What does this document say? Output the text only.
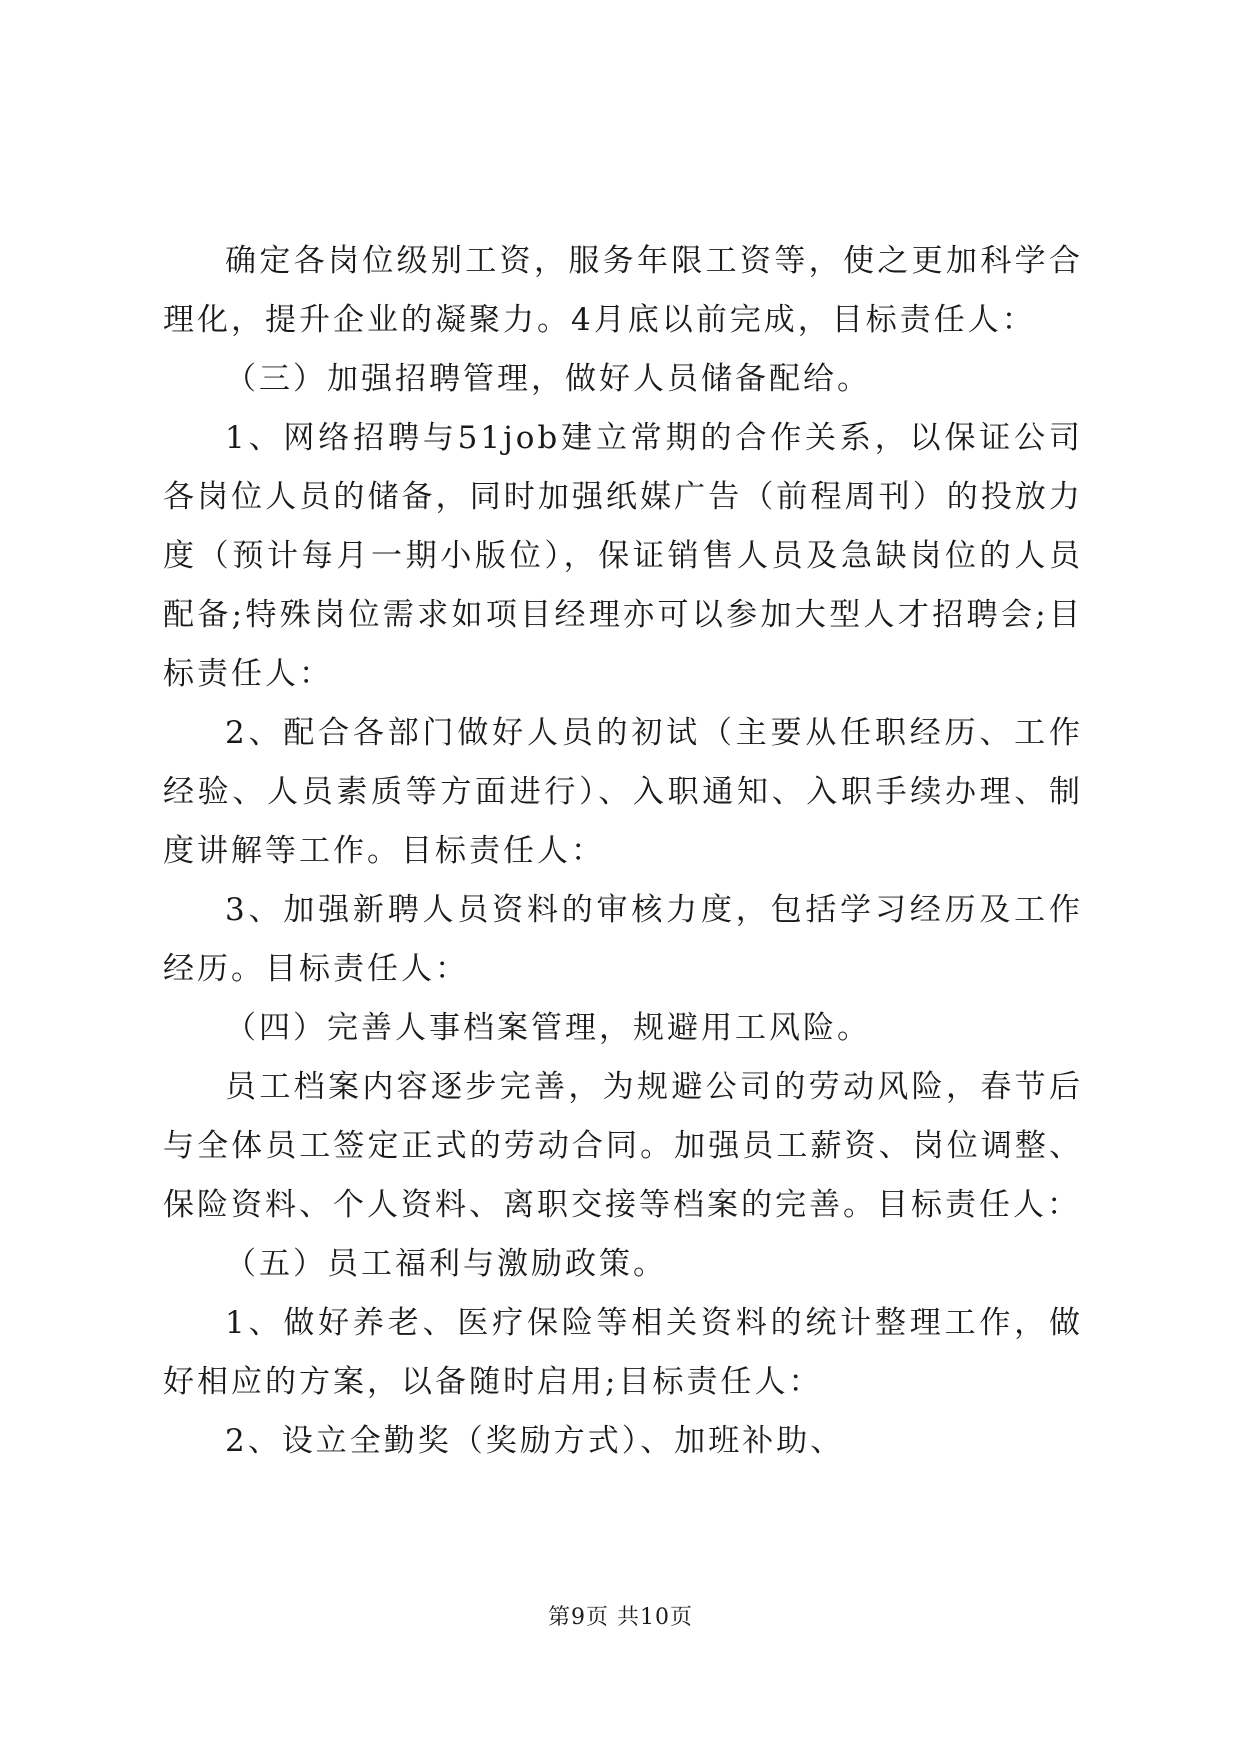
确定各岗位级别工资，服务年限工资等，使之更加科学合理化，提升企业的凝聚力。4月底以前完成，目标责任人：

（三）加强招聘管理，做好人员储备配给。

1、网络招聘与51job建立常期的合作关系，以保证公司各岗位人员的储备，同时加强纸媒广告（前程周刊）的投放力度（预计每月一期小版位），保证销售人员及急缺岗位的人员配备;特殊岗位需求如项目经理亦可以参加大型人才招聘会;目标责任人：

2、配合各部门做好人员的初试（主要从任职经历、工作经验、人员素质等方面进行）、入职通知、入职手续办理、制度讲解等工作。目标责任人：

3、加强新聘人员资料的审核力度，包括学习经历及工作经历。目标责任人：

（四）完善人事档案管理，规避用工风险。

员工档案内容逐步完善，为规避公司的劳动风险，春节后与全体员工签定正式的劳动合同。加强员工薪资、岗位调整、保险资料、个人资料、离职交接等档案的完善。目标责任人：

（五）员工福利与激励政策。

1、做好养老、医疗保险等相关资料的统计整理工作，做好相应的方案，以备随时启用;目标责任人：

2、设立全勤奖（奖励方式）、加班补助、

第9页 共10页
